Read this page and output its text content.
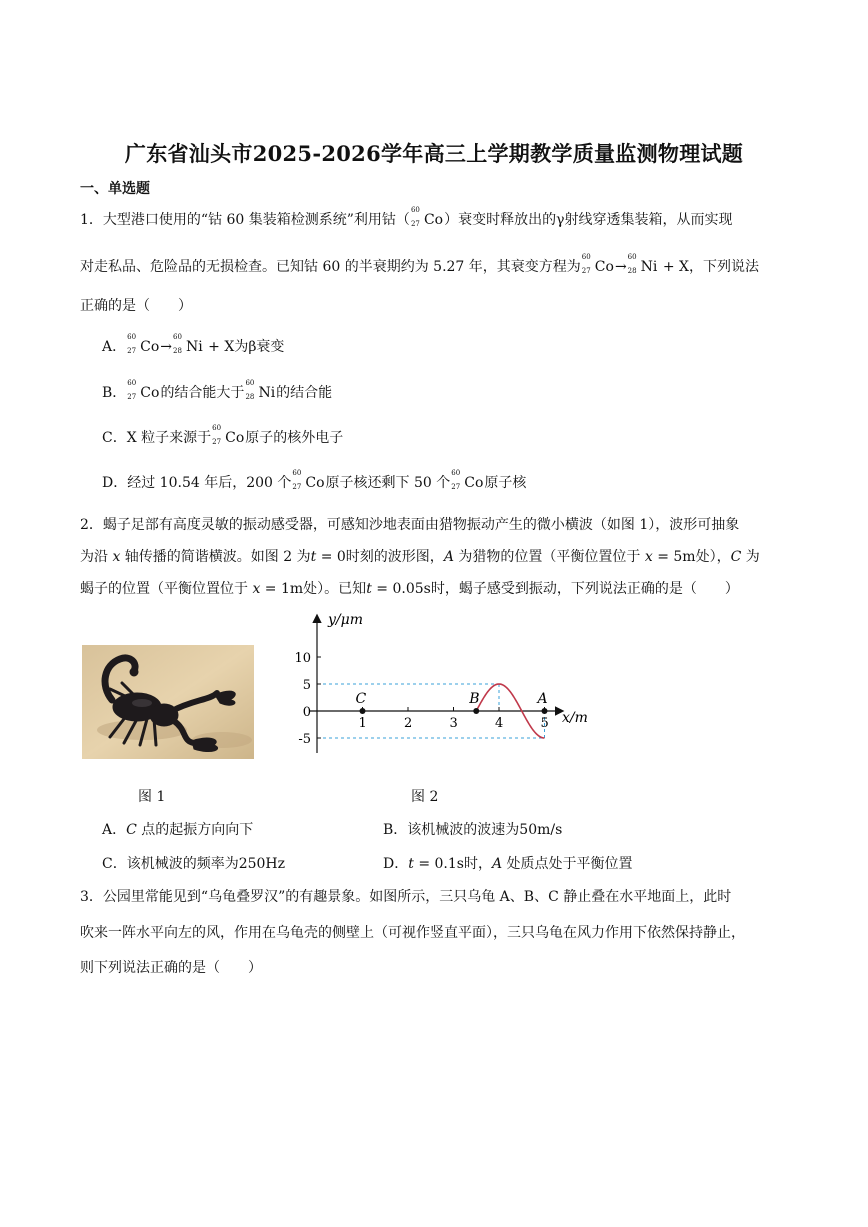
广东省汕头市2025-2026学年高三上学期教学质量监测物理试题
一、单选题
1．大型港口使用的“钴 60 集装箱检测系统”利用钴（
60
27 Co）衰变时释放出的γ射线穿透集装箱，从而实现
对走私品、危险品的无损检查。已知钴 60 的半衰期约为 5.27 年，其衰变方程为
60
27 Co→
60
28 Ni + X，下列说法
正确的是（　　）
A．
60
27 Co→
60
28 Ni + X为β衰变
B．
60
27 Co的结合能大于
60
28 Ni的结合能
C．X 粒子来源于
60
27 Co原子的核外电子
D．经过 10.54 年后，200 个
60
27 Co原子核还剩下 50 个
60
27 Co原子核
2．蝎子足部有高度灵敏的振动感受器，可感知沙地表面由猎物振动产生的微小横波（如图 1），波形可抽象
为沿 x 轴传播的简谐横波。如图 2 为t = 0时刻的波形图，A 为猎物的位置（平衡位置位于 x = 5m处），C 为
蝎子的位置（平衡位置位于 x = 1m处）。已知t = 0.05s时，蝎子感受到振动，下列说法正确的是（　　）
y/μm
x/m
1	2	3	4	5
10
5
0
-5
C	B	A
图 1	图 2
A．C 点的起振方向向下	B．该机械波的波速为50m/s
C．该机械波的频率为250Hz	D．t = 0.1s时，A 处质点处于平衡位置
3．公园里常能见到“乌龟叠罗汉”的有趣景象。如图所示，三只乌龟 A、B、C 静止叠在水平地面上，此时
吹来一阵水平向左的风，作用在乌龟壳的侧壁上（可视作竖直平面），三只乌龟在风力作用下依然保持静止，
则下列说法正确的是（　　）
